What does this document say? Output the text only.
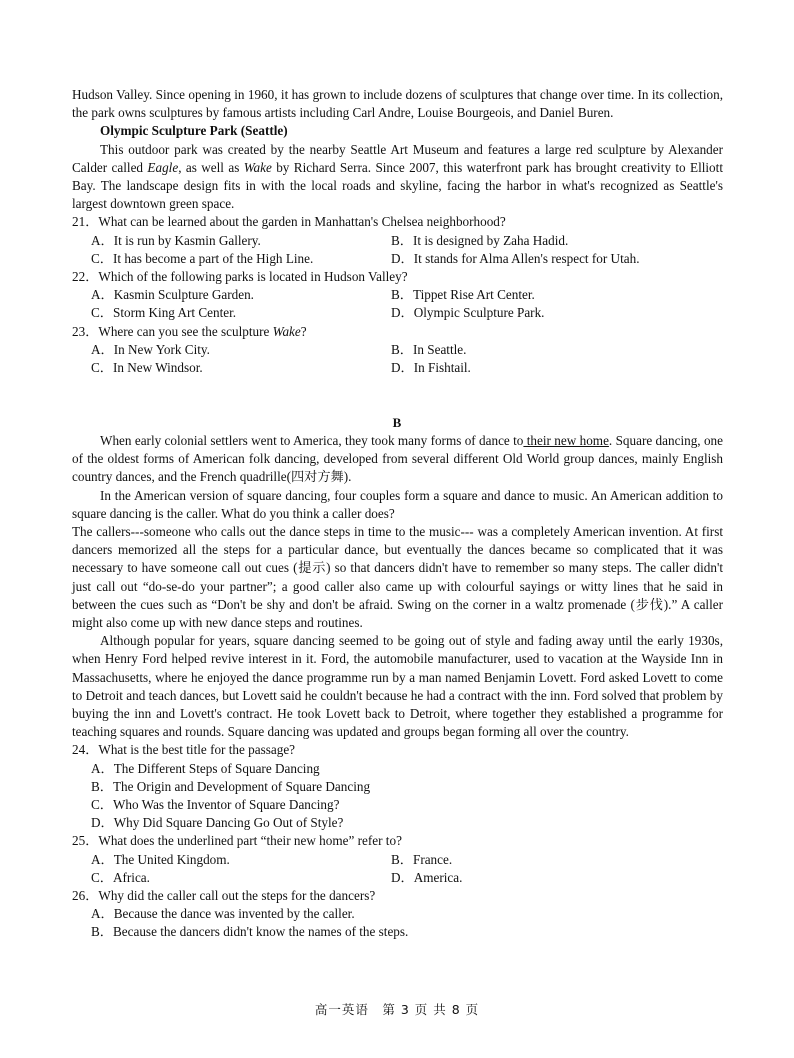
Hudson Valley. Since opening in 1960, it has grown to include dozens of sculptures that change over time. In its collection, the park owns sculptures by famous artists including Carl Andre, Louise Bourgeois, and Daniel Buren.

Olympic Sculpture Park (Seattle)

This outdoor park was created by the nearby Seattle Art Museum and features a large red sculpture by Alexander Calder called Eagle, as well as Wake by Richard Serra. Since 2007, this waterfront park has brought creativity to Elliott Bay. The landscape design fits in with the local roads and skyline, facing the harbor in what's recognized as Seattle's largest downtown green space.

21．What can be learned about the garden in Manhattan's Chelsea neighborhood?

A．It is run by Kasmin Gallery.	B．It is designed by Zaha Hadid.
C．It has become a part of the High Line.	D．It stands for Alma Allen's respect for Utah.

22．Which of the following parks is located in Hudson Valley?

A．Kasmin Sculpture Garden.	B．Tippet Rise Art Center.
C．Storm King Art Center.	D．Olympic Sculpture Park.

23．Where can you see the sculpture Wake?

A．In New York City.	B．In Seattle.
C．In New Windsor.	D．In Fishtail.
B

When early colonial settlers went to America, they took many forms of dance to their new home. Square dancing, one of the oldest forms of American folk dancing, developed from several different Old World group dances, mainly English country dances, and the French quadrille(四对方舞).

In the American version of square dancing, four couples form a square and dance to music. An American addition to square dancing is the caller. What do you think a caller does?

The callers---someone who calls out the dance steps in time to the music--- was a completely American invention. At first dancers memorized all the steps for a particular dance, but eventually the dances became so complicated that it was necessary to have someone call out cues (提示) so that dancers didn't have to remember so many steps. The caller didn't just call out “do-se-do your partner”; a good caller also came up with colourful sayings or witty lines that he said in between the cues such as “Don't be shy and don't be afraid. Swing on the corner in a waltz promenade (步伐).” A caller might also come up with new dance steps and routines.

Although popular for years, square dancing seemed to be going out of style and fading away until the early 1930s, when Henry Ford helped revive interest in it. Ford, the automobile manufacturer, used to vacation at the Wayside Inn in Massachusetts, where he enjoyed the dance programme run by a man named Benjamin Lovett. Ford asked Lovett to come to Detroit and teach dances, but Lovett said he couldn't because he had a contract with the inn. Ford solved that problem by buying the inn and Lovett's contract. He took Lovett back to Detroit, where together they established a programme for teaching squares and rounds. Square dancing was updated and groups began forming all over the country.

24．What is the best title for the passage?

A．The Different Steps of Square Dancing
B．The Origin and Development of Square Dancing
C．Who Was the Inventor of Square Dancing?
D．Why Did Square Dancing Go Out of Style?

25．What does the underlined part “their new home” refer to?

A．The United Kingdom.	B．France.
C．Africa.	D．America.

26．Why did the caller call out the steps for the dancers?

A．Because the dance was invented by the caller.
B．Because the dancers didn't know the names of the steps.
高一英语　第 3 页 共 8 页
